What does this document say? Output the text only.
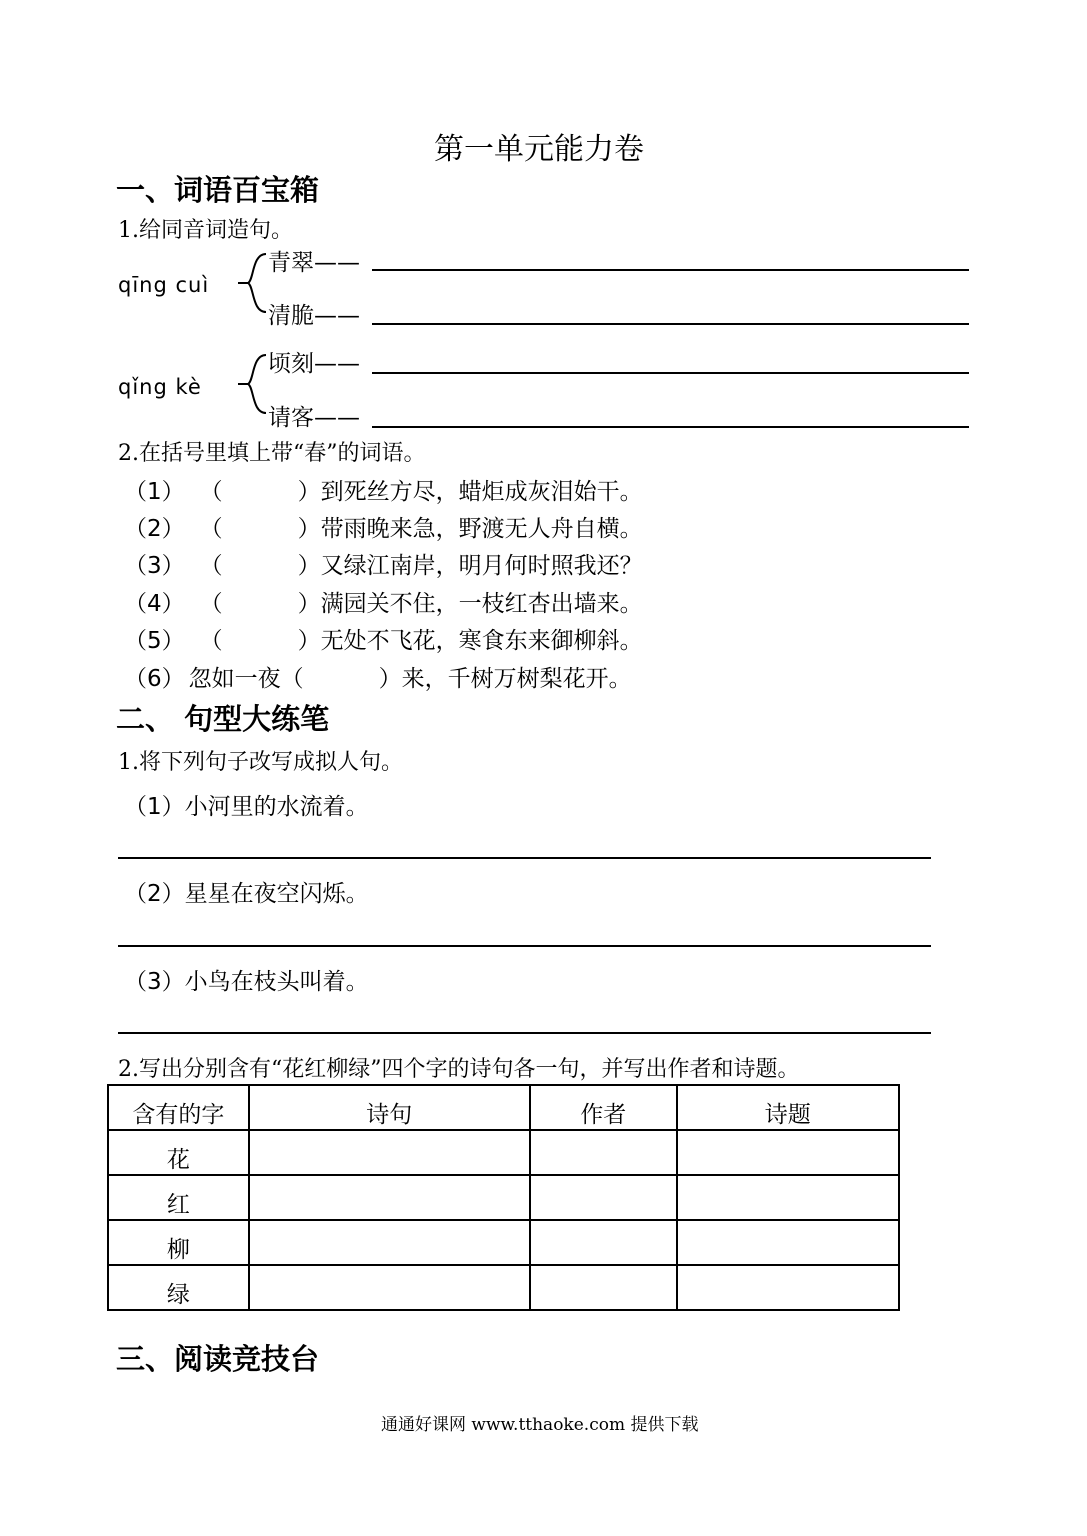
第一单元能力卷
一、词语百宝箱
1.给同音词造句。
qīng cuì
青翠——
清脆——
qǐng kè
顷刻——
请客——
2.在括号里填上带“春”的词语。
（1） （	）到死丝方尽，蜡炬成灰泪始干。
（2） （	）带雨晚来急，野渡无人舟自横。
（3） （	）又绿江南岸，明月何时照我还？
（4） （	）满园关不住，一枝红杏出墙来。
（5） （	）无处不飞花，寒食东来御柳斜。
（6） 忽如一夜（	）来，千树万树梨花开。
二、 句型大练笔
1.将下列句子改写成拟人句。
（1）小河里的水流着。
（2）星星在夜空闪烁。
（3）小鸟在枝头叫着。
2.写出分别含有“花红柳绿”四个字的诗句各一句，并写出作者和诗题。
含有的字	诗句	作者	诗题
花			
红			
柳			
绿			
三、阅读竞技台
通通好课网 www.tthaoke.com 提供下载
